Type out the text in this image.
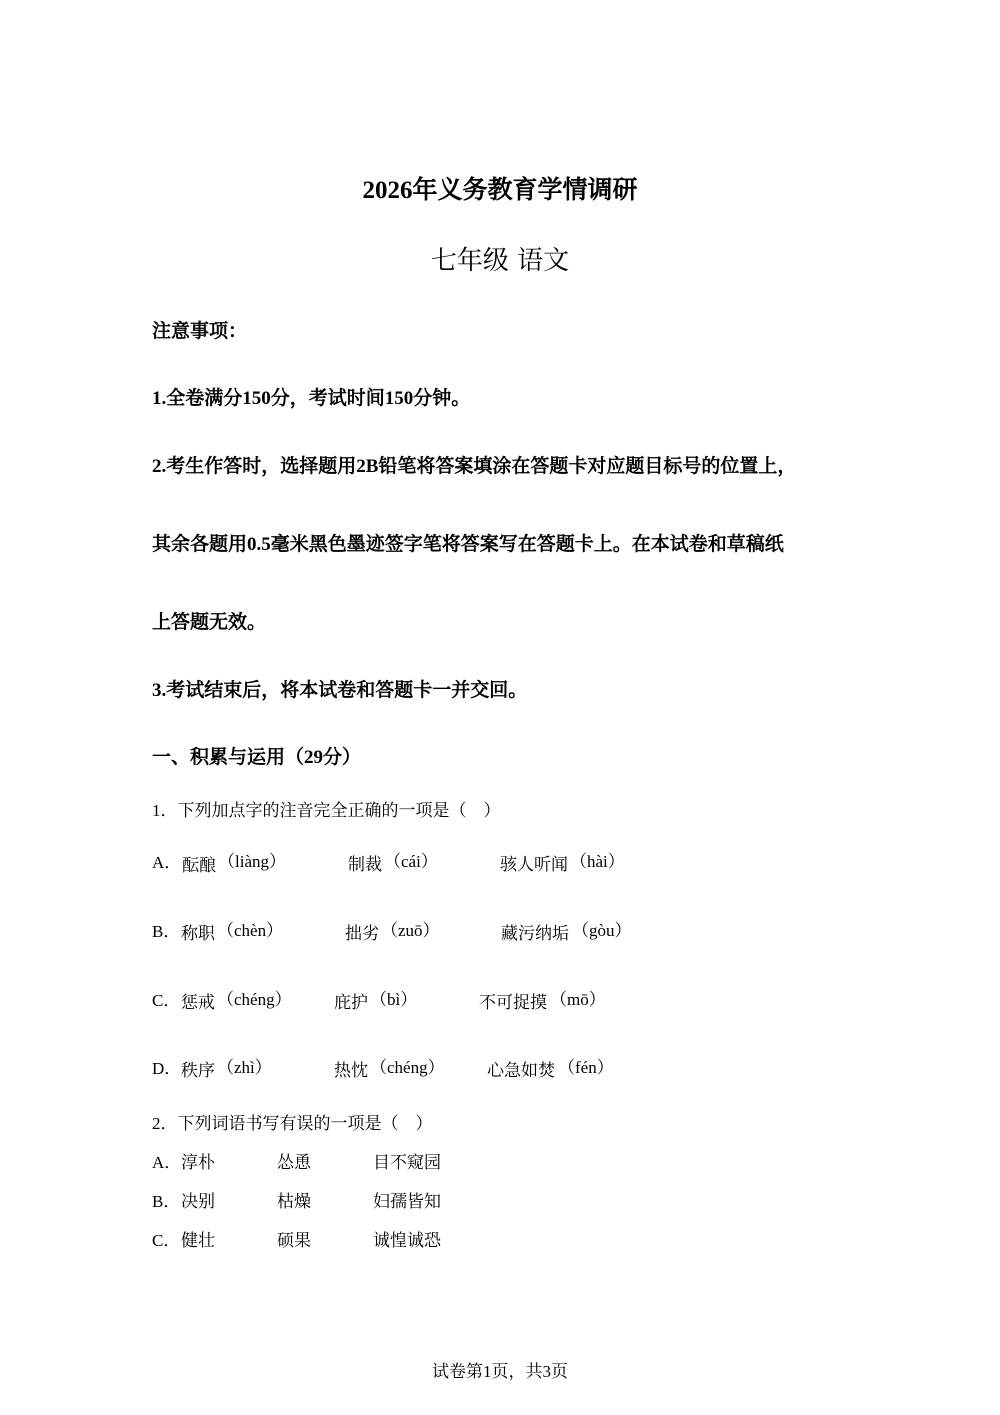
2026年义务教育学情调研
七年级 语文
注意事项：
1.全卷满分150分，考试时间150分钟。
2.考生作答时，选择题用2B铅笔将答案填涂在答题卡对应题目标号的位置上，
其余各题用0.5毫米黑色墨迹签字笔将答案写在答题卡上。在本试卷和草稿纸
上答题无效。
3.考试结束后，将本试卷和答题卡一并交回。
一、积累与运用（29分）
1．下列加点字的注音完全正确的一项是（　）
A． 酝酿 （liàng）	制裁 （cái）	骇人听闻 （hài）
B． 称职 （chèn）	拙劣 （zuō）	藏污纳垢 （gòu）
C． 惩戒 （chéng） 庇护 （bì）	不可捉摸 （mō）
D． 秩序 （zhì）	热忱 （chéng） 心急如焚 （fén）
2．下列词语书写有误的一项是（　）
A． 淳朴	怂恿	目不窥园
B． 决别	枯燥	妇孺皆知
C． 健壮	硕果	诚惶诚恐
试卷第1页，共3页
